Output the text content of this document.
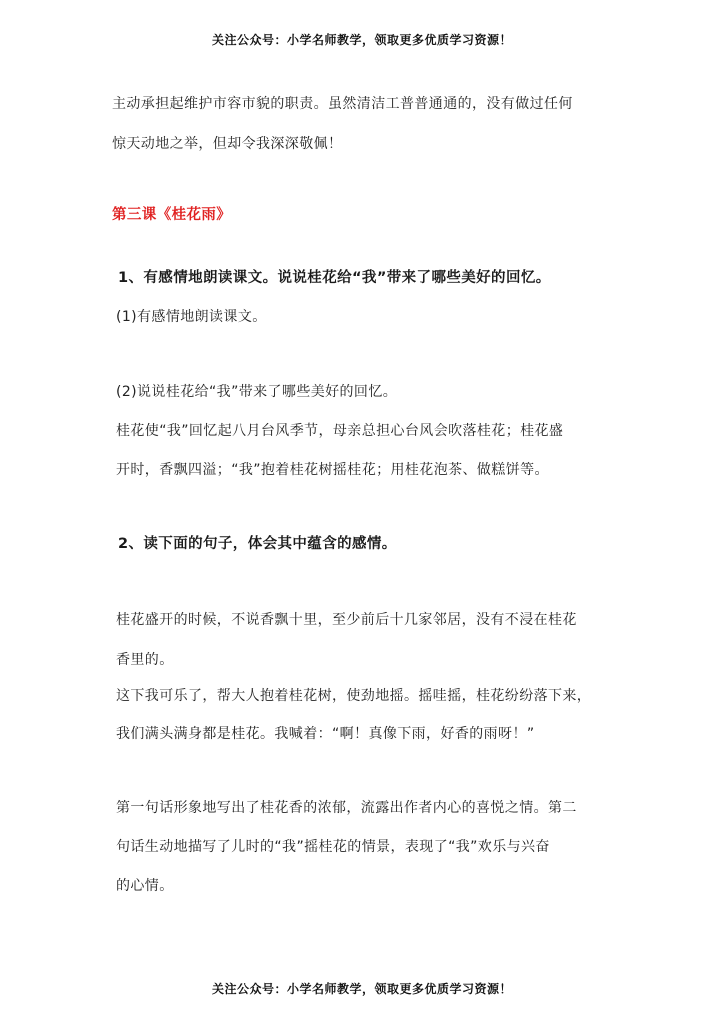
关注公众号：小学名师教学，领取更多优质学习资源！
主动承担起维护市容市貌的职责。虽然清洁工普普通通的，没有做过任何
惊天动地之举，但却令我深深敬佩！
第三课《桂花雨》
1、有感情地朗读课文。说说桂花给“我”带来了哪些美好的回忆。
(1)有感情地朗读课文。
(2)说说桂花给“我”带来了哪些美好的回忆。
桂花使“我”回忆起八月台风季节，母亲总担心台风会吹落桂花；桂花盛
开时，香飘四溢；“我”抱着桂花树摇桂花；用桂花泡茶、做糕饼等。
2、读下面的句子，体会其中蕴含的感情。
桂花盛开的时候，不说香飘十里，至少前后十几家邻居，没有不浸在桂花
香里的。
这下我可乐了，帮大人抱着桂花树，使劲地摇。摇哇摇，桂花纷纷落下来，
我们满头满身都是桂花。我喊着：“啊！真像下雨，好香的雨呀！”
第一句话形象地写出了桂花香的浓郁，流露出作者内心的喜悦之情。第二
句话生动地描写了儿时的“我”摇桂花的情景，表现了“我”欢乐与兴奋
的心情。
关注公众号：小学名师教学，领取更多优质学习资源！
